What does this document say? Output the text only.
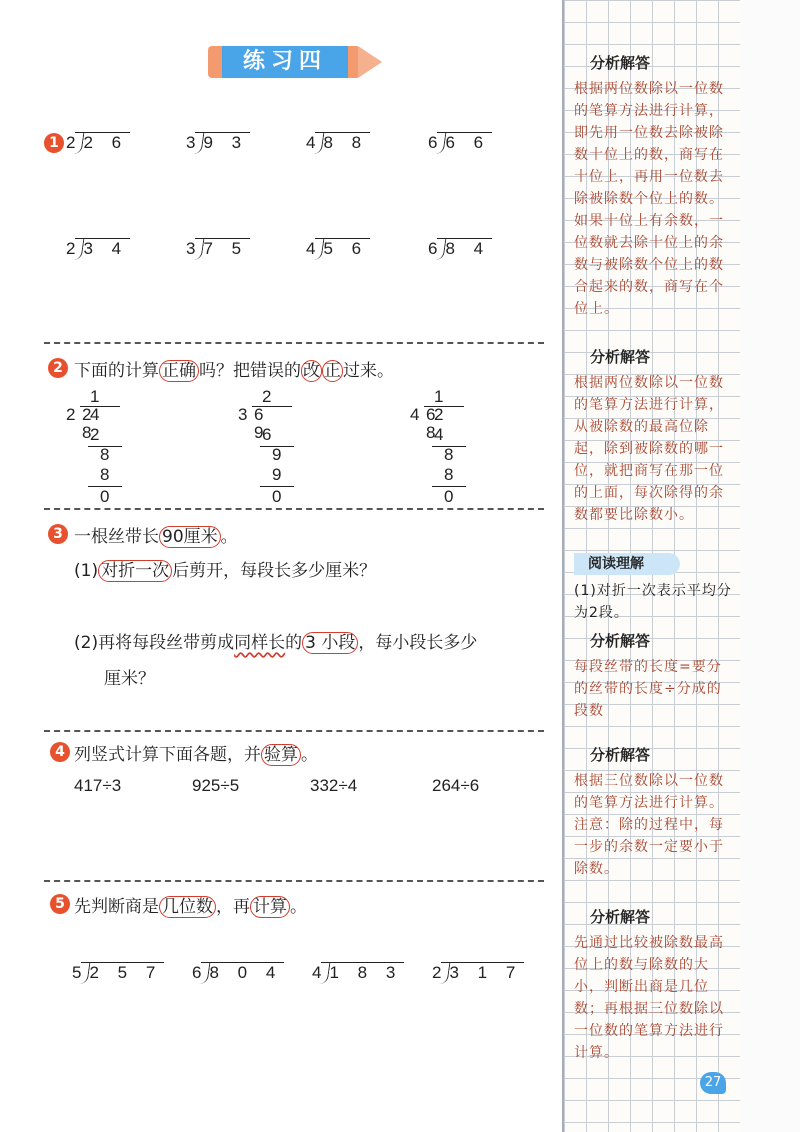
练习四
1 2 2 6	3 9 3	4 8 8	6 6 6
2 3 4	3 7 5	4 5 6	6 8 4
2 下面的计算 正确 吗？把错误的 改 正 过来。
1 4
2 2 8
2
8
8
0
2
3 6 9
6
9
9
0
1 2
4 6 8
4
8
8
0
3 一根丝带长 90厘米 。
(1) 对折一次 后剪开，每段长多少厘米？
(2)再将每段丝带剪成同样长的 3 小段 ，每小段长多少
厘米？
4 列竖式计算下面各题，并 验算 。
417÷3	925÷5	332÷4	264÷6
5 先判断商是 几位数 ，再 计算 。
5 2 5 7 6 8 0 4 4 1 8 3 2 3 1 7
分析解答
根据两位数除以一位数的笔算方法进行计算，即先用一位数去除被除数十位上的数，商写在十位上，再用一位数去除被除数个位上的数。如果十位上有余数，一位数就去除十位上的余数与被除数个位上的数合起来的数，商写在个位上。
分析解答
根据两位数除以一位数的笔算方法进行计算，从被除数的最高位除起，除到被除数的哪一位，就把商写在那一位的上面，每次除得的余数都要比除数小。
阅读理解
(1)对折一次表示平均分为2段。
分析解答
每段丝带的长度=要分的丝带的长度÷分成的段数
分析解答
根据三位数除以一位数的笔算方法进行计算。注意：除的过程中，每一步的余数一定要小于除数。
分析解答
先通过比较被除数最高位上的数与除数的大小，判断出商是几位数；再根据三位数除以一位数的笔算方法进行计算。
27
